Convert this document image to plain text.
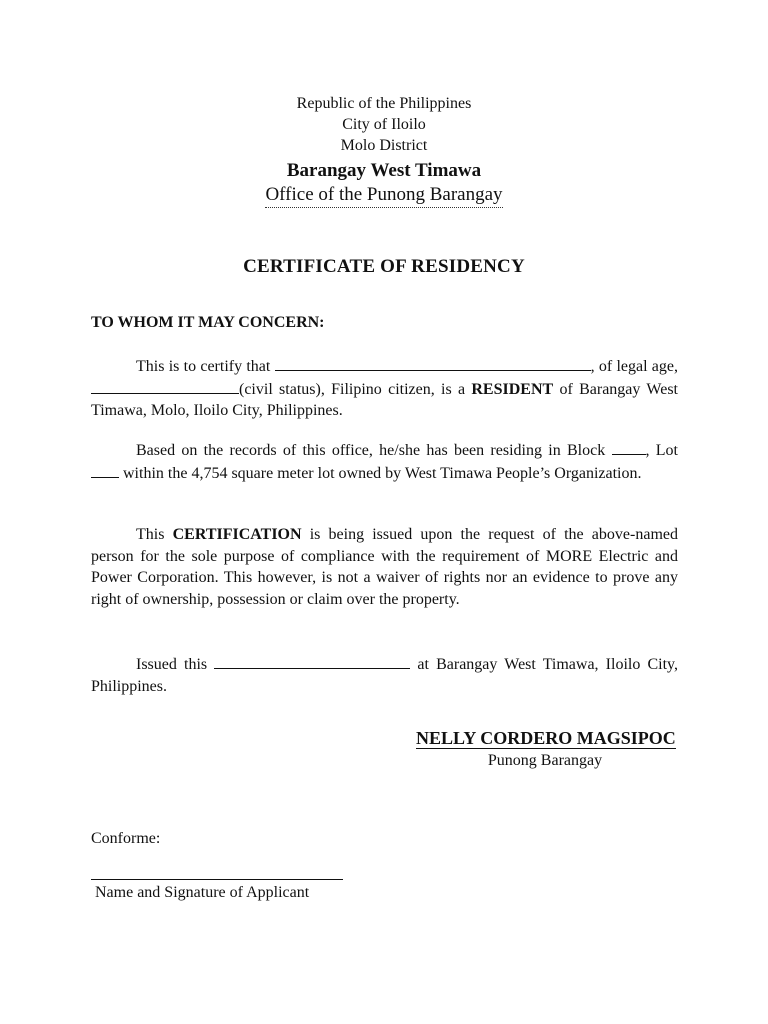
Republic of the Philippines
City of Iloilo
Molo District
Barangay West Timawa
Office of the Punong Barangay
CERTIFICATE OF RESIDENCY
TO WHOM IT MAY CONCERN:
This is to certify that	, of legal age, (civil status), Filipino citizen, is a RESIDENT of Barangay West Timawa, Molo, Iloilo City, Philippines.
Based on the records of this office, he/she has been residing in Block , Lot  within the 4,754 square meter lot owned by West Timawa People’s Organization.
This CERTIFICATION is being issued upon the request of the above-named person for the sole purpose of compliance with the requirement of MORE Electric and Power Corporation. This however, is not a waiver of rights nor an evidence to prove any right of ownership, possession or claim over the property.
Issued this	at Barangay West Timawa, Iloilo City, Philippines.
NELLY CORDERO MAGSIPOC
Punong Barangay
Conforme:
Name and Signature of Applicant
